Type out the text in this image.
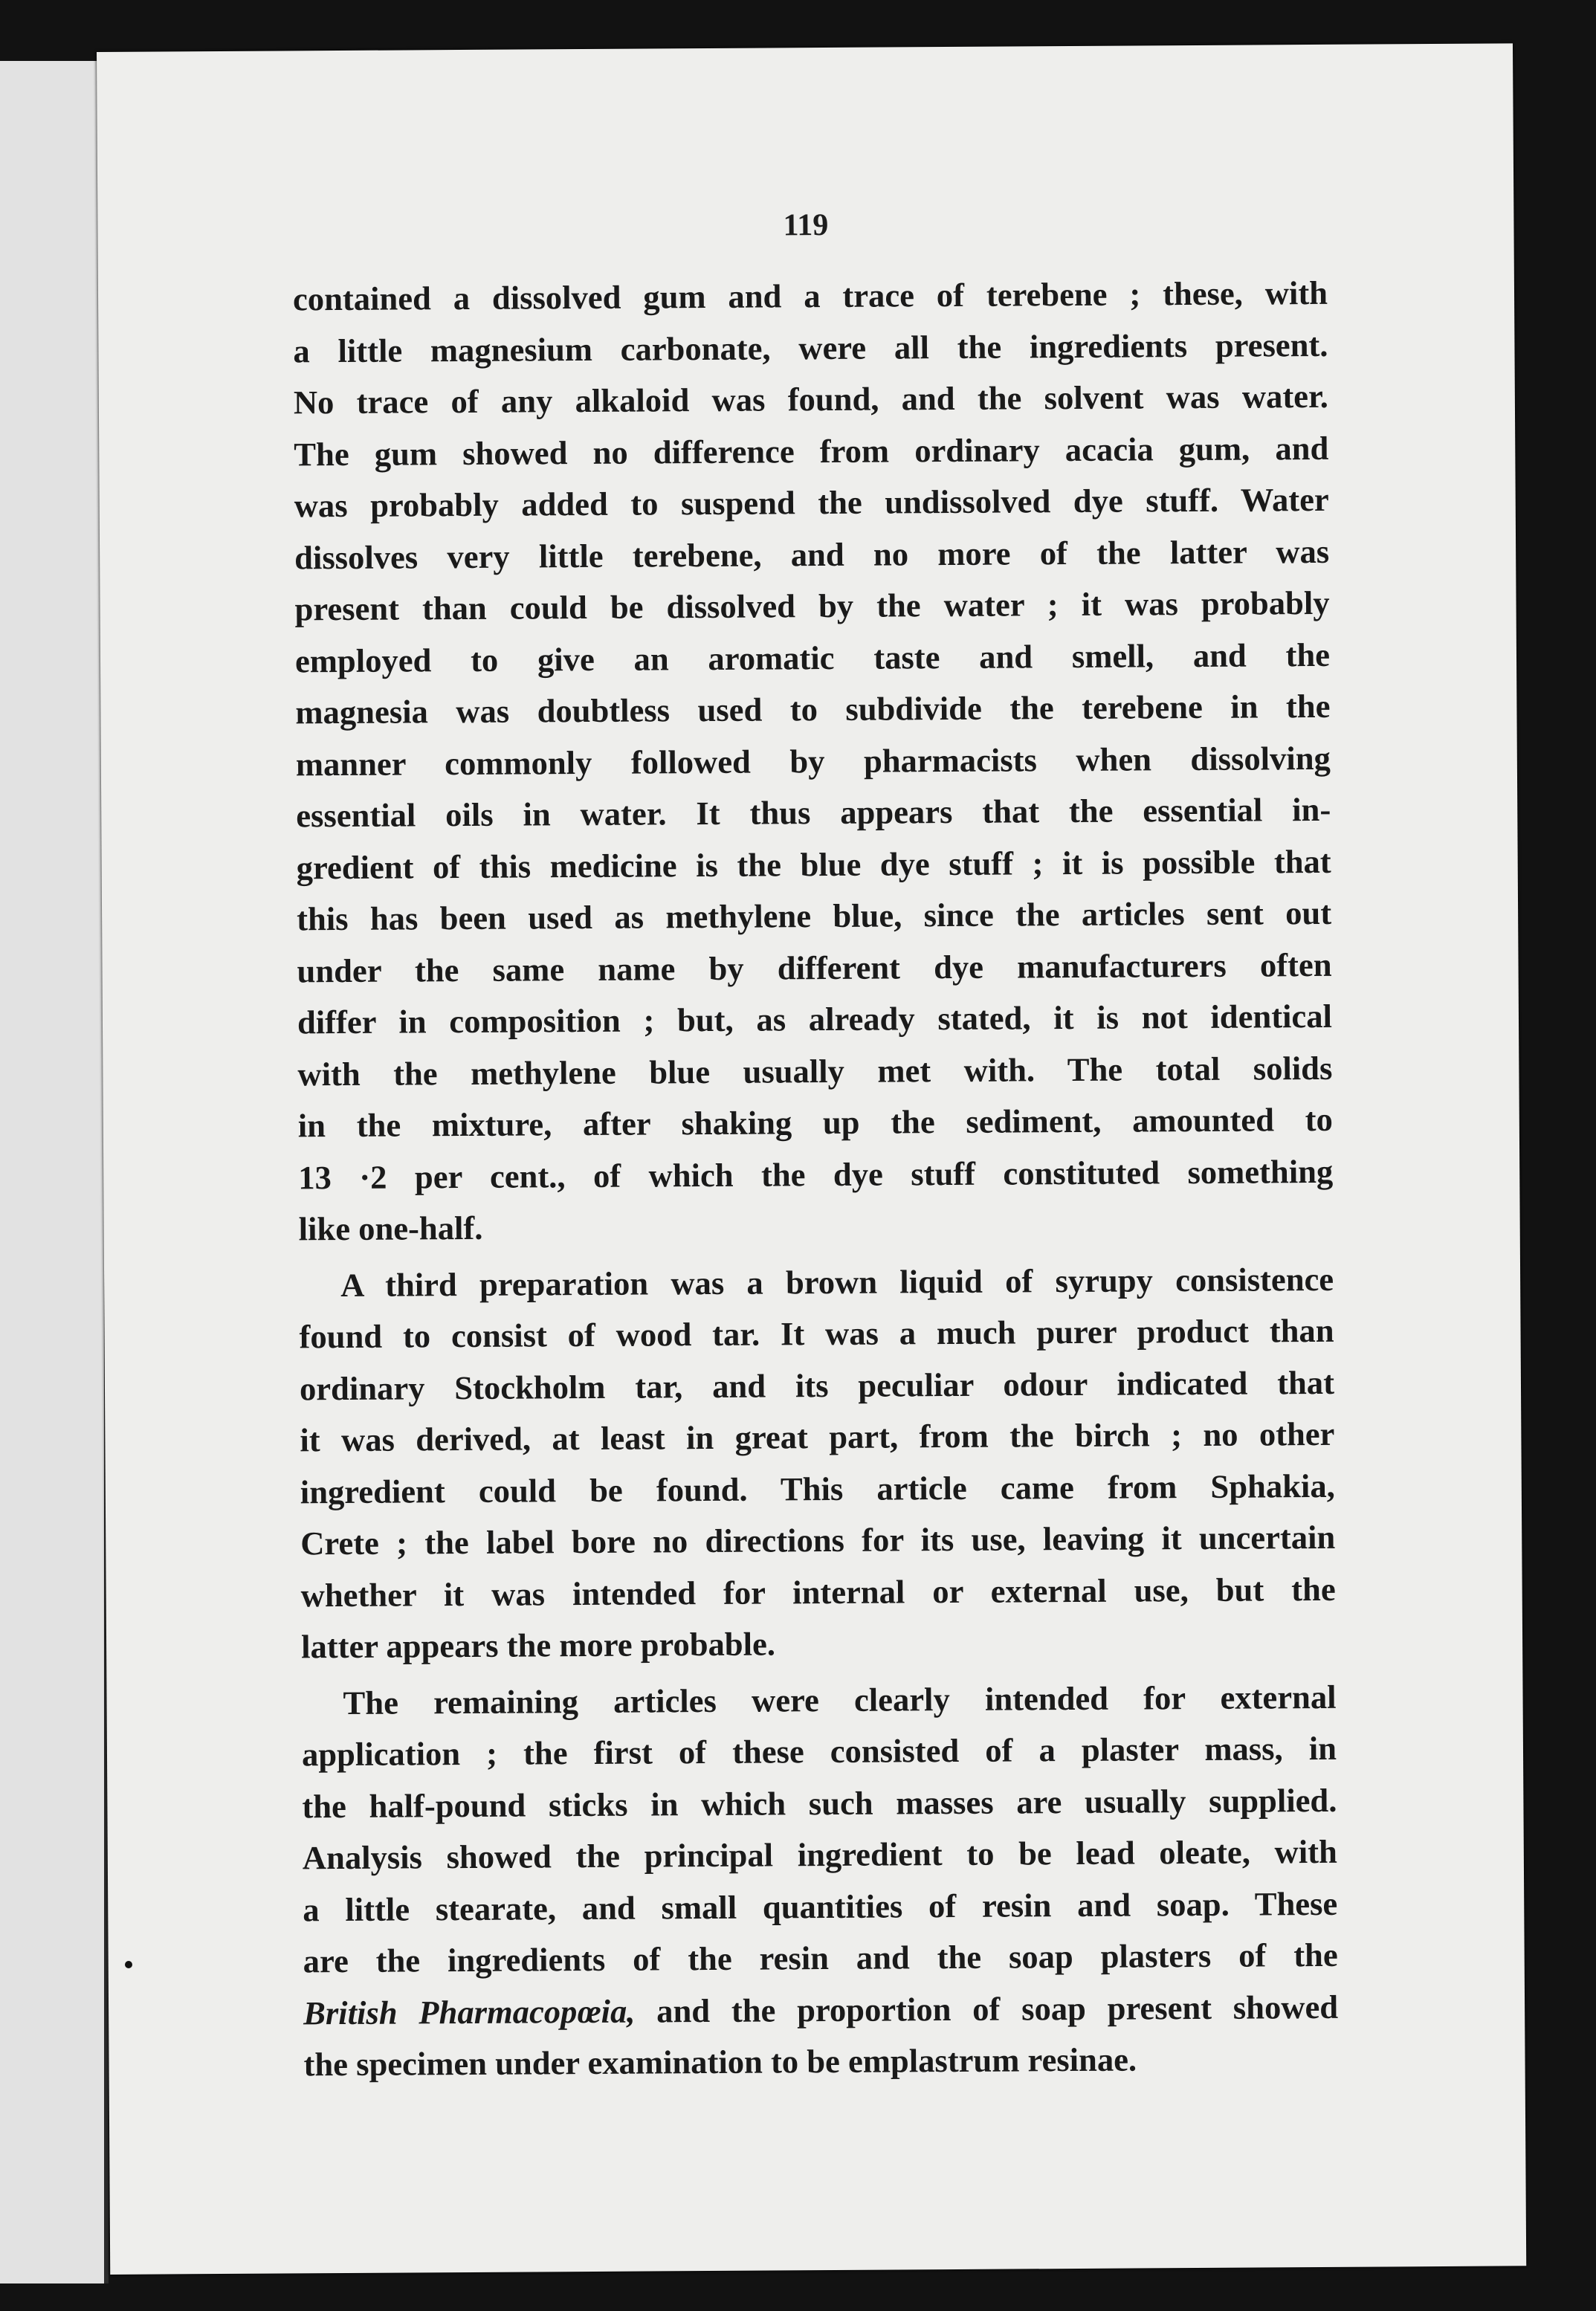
119
contained a dissolved gum and a trace of terebene ; these, with
a little magnesium carbonate, were all the ingredients present.
No trace of any alkaloid was found, and the solvent was water.
The gum showed no difference from ordinary acacia gum, and
was probably added to suspend the undissolved dye stuff. Water
dissolves very little terebene, and no more of the latter was
present than could be dissolved by the water ; it was probably
employed to give an aromatic taste and smell, and the
magnesia was doubtless used to subdivide the terebene in the
manner commonly followed by pharmacists when dissolving
essential oils in water. It thus appears that the essential in-
gredient of this medicine is the blue dye stuff ; it is possible that
this has been used as methylene blue, since the articles sent out
under the same name by different dye manufacturers often
differ in composition ; but, as already stated, it is not identical
with the methylene blue usually met with. The total solids
in the mixture, after shaking up the sediment, amounted to
13 ·2 per cent., of which the dye stuff constituted something
like one-half.
A third preparation was a brown liquid of syrupy consistence
found to consist of wood tar. It was a much purer product than
ordinary Stockholm tar, and its peculiar odour indicated that
it was derived, at least in great part, from the birch ; no other
ingredient could be found. This article came from Sphakia,
Crete ; the label bore no directions for its use, leaving it uncertain
whether it was intended for internal or external use, but the
latter appears the more probable.
The remaining articles were clearly intended for external
application ; the first of these consisted of a plaster mass, in
the half-pound sticks in which such masses are usually supplied.
Analysis showed the principal ingredient to be lead oleate, with
a little stearate, and small quantities of resin and soap. These
are the ingredients of the resin and the soap plasters of the
British Pharmacopœia, and the proportion of soap present showed
the specimen under examination to be emplastrum resinae.
